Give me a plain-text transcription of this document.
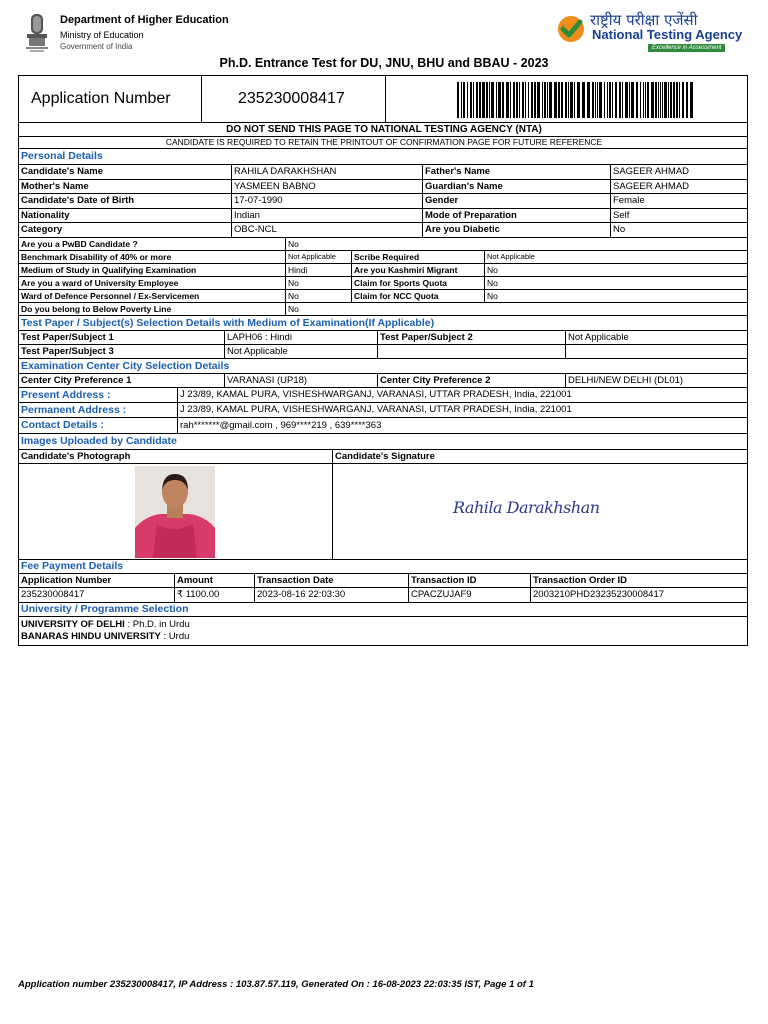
Department of Higher Education
Ministry of Education
Government of India
राष्ट्रीय परीक्षा एजेंसी
National Testing Agency
Excellence in Assessment
Ph.D. Entrance Test for DU, JNU, BHU and BBAU - 2023
Application Number	235230008417
DO NOT SEND THIS PAGE TO NATIONAL TESTING AGENCY (NTA)
CANDIDATE IS REQUIRED TO RETAIN THE PRINTOUT OF CONFIRMATION PAGE FOR FUTURE REFERENCE
Personal Details
Candidate's Name	RAHILA DARAKHSHAN	Father's Name	SAGEER AHMAD
Mother's Name	YASMEEN BABNO	Guardian's Name	SAGEER AHMAD
Candidate's Date of Birth	17-07-1990	Gender	Female
Nationality	Indian	Mode of Preparation	Self
Category	OBC-NCL	Are you Diabetic	No
Are you a PwBD Candidate ?	No
Benchmark Disability of 40% or more	Not Applicable	Scribe Required	Not Applicable
Medium of Study in Qualifying Examination	Hindi	Are you Kashmiri Migrant	No
Are you a ward of University Employee	No	Claim for Sports Quota	No
Ward of Defence Personnel / Ex-Servicemen	No	Claim for NCC Quota	No
Do you belong to Below Poverty Line	No
Test Paper / Subject(s) Selection Details with Medium of Examination(If Applicable)
Test Paper/Subject 1	LAPH06 : Hindi	Test Paper/Subject 2	Not Applicable
Test Paper/Subject 3	Not Applicable
Examination Center City Selection Details
Center City Preference 1	VARANASI (UP18)	Center City Preference 2	DELHI/NEW DELHI (DL01)
Present Address :	J 23/89, KAMAL PURA, VISHESHWARGANJ, VARANASI, UTTAR PRADESH, India, 221001
Permanent Address :	J 23/89, KAMAL PURA, VISHESHWARGANJ, VARANASI, UTTAR PRADESH, India, 221001
Contact Details :	rah*******@gmail.com , 969****219 , 639****363
Images Uploaded by Candidate
Candidate's Photograph	Candidate's Signature
Rahila Darakhshan
Fee Payment Details
Application Number	Amount	Transaction Date	Transaction ID	Transaction Order ID
235230008417	₹ 1100.00	2023-08-16 22:03:30	CPACZUJAF9	2003210PHD23235230008417
University / Programme Selection
UNIVERSITY OF DELHI : Ph.D. in Urdu
BANARAS HINDU UNIVERSITY : Urdu
Application number 235230008417, IP Address : 103.87.57.119, Generated On : 16-08-2023 22:03:35 IST, Page 1 of 1
